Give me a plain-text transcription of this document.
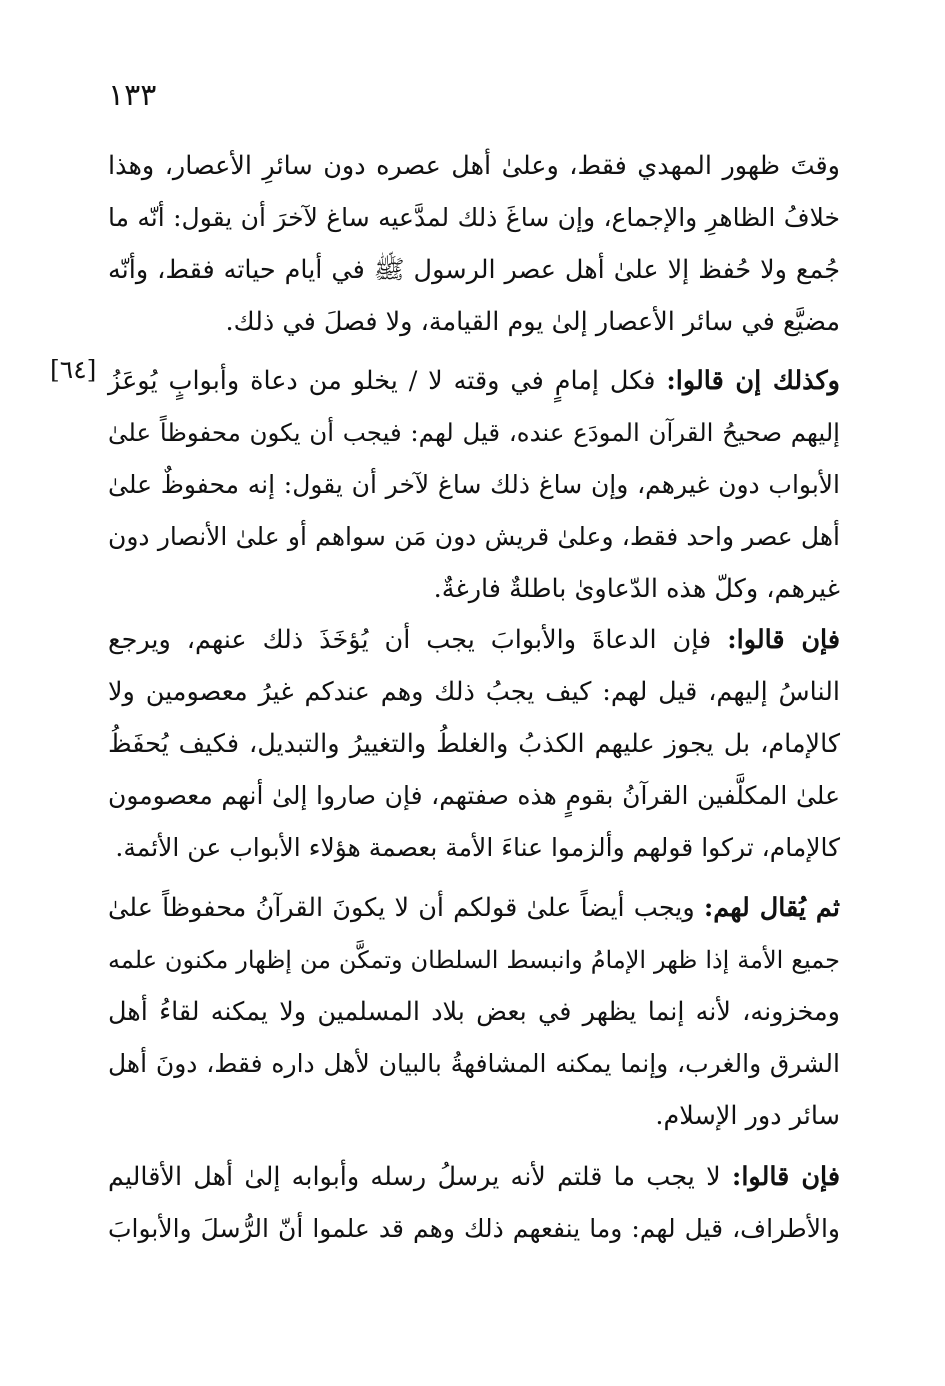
١٣٣
[٦٤]
وقتَ ظهور المهدي فقط، وعلىٰ أهل عصره دون سائرِ الأعصار، وهذا
خلافُ الظاهرِ والإجماع، وإن ساغَ ذلك لمدَّعيه ساغ لآخرَ أن يقول: أنّه ما
جُمع ولا حُفظ إلا علىٰ أهل عصر الرسول ﷺ في أيام حياته فقط، وأنّه
مضيَّع في سائر الأعصار إلىٰ يوم القيامة، ولا فصلَ في ذلك.
وكذلك إن قالوا: فكل إمامٍ في وقته لا / يخلو من دعاة وأبوابٍ يُوعَزُ
إليهم صحيحُ القرآن المودَع عنده، قيل لهم: فيجب أن يكون محفوظاً علىٰ
الأبواب دون غيرهم، وإن ساغ ذلك ساغ لآخر أن يقول: إنه محفوظٌ علىٰ
أهل عصر واحد فقط، وعلىٰ قريش دون مَن سواهم أو علىٰ الأنصار دون
غيرهم، وكلّ هذه الدّعاوىٰ باطلةٌ فارغةٌ.
فإن قالوا: فإن الدعاةَ والأبوابَ يجب أن يُؤخَذَ ذلك عنهم، ويرجع
الناسُ إليهم، قيل لهم: كيف يجبُ ذلك وهم عندكم غيرُ معصومين ولا
كالإمام، بل يجوز عليهم الكذبُ والغلطُ والتغييرُ والتبديل، فكيف يُحفَظُ
علىٰ المكلَّفين القرآنُ بقومٍ هذه صفتهم، فإن صاروا إلىٰ أنهم معصومون
كالإمام، تركوا قولهم وألزموا عناءَ الأمة بعصمة هؤلاء الأبواب عن الأئمة.
ثم يُقال لهم: ويجب أيضاً علىٰ قولكم أن لا يكونَ القرآنُ محفوظاً علىٰ
جميع الأمة إذا ظهر الإمامُ وانبسط السلطان وتمكَّن من إظهار مكنون علمه
ومخزونه، لأنه إنما يظهر في بعض بلاد المسلمين ولا يمكنه لقاءُ أهل
الشرق والغرب، وإنما يمكنه المشافهةُ بالبيان لأهل داره فقط، دونَ أهل
سائر دور الإسلام.
فإن قالوا: لا يجب ما قلتم لأنه يرسلُ رسله وأبوابه إلىٰ أهل الأقاليم
والأطراف، قيل لهم: وما ينفعهم ذلك وهم قد علموا أنّ الرُّسلَ والأبوابَ
